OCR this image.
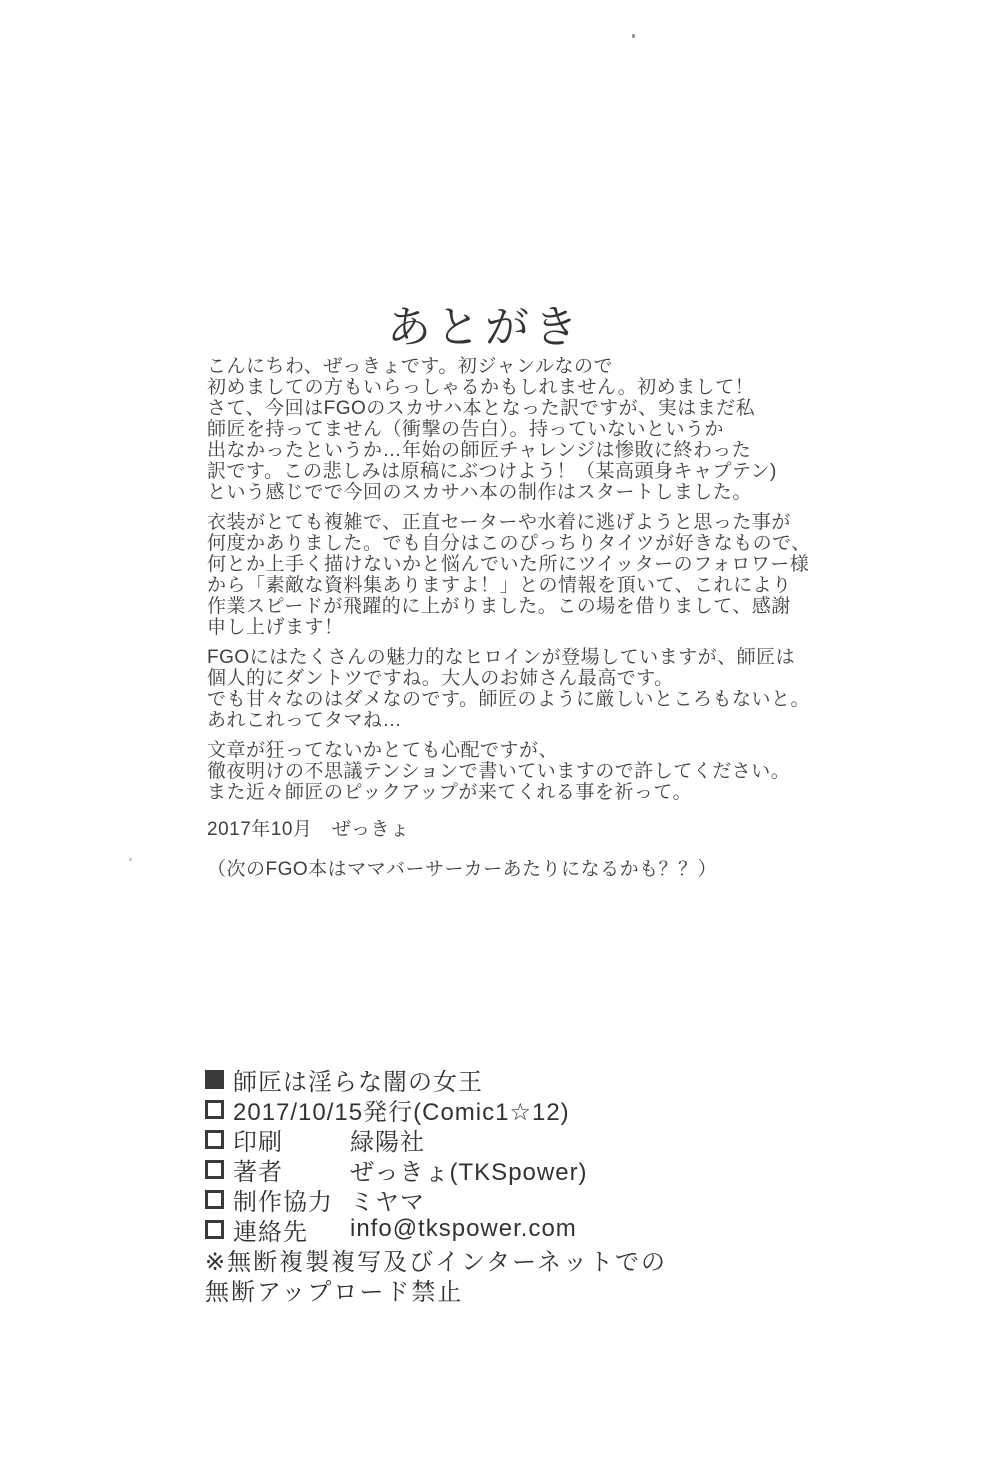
あとがき
こんにちわ、ぜっきょです。初ジャンルなので
初めましての方もいらっしゃるかもしれません。初めまして！
さて、今回はFGOのスカサハ本となった訳ですが、実はまだ私
師匠を持ってません（衝撃の告白）。持っていないというか
出なかったというか…年始の師匠チャレンジは惨敗に終わった
訳です。この悲しみは原稿にぶつけよう！（某高頭身キャプテン)
という感じでで今回のスカサハ本の制作はスタートしました。
衣装がとても複雑で、正直セーターや水着に逃げようと思った事が
何度かありました。でも自分はこのぴっちりタイツが好きなもので、
何とか上手く描けないかと悩んでいた所にツイッターのフォロワー様
から「素敵な資料集ありますよ！」との情報を頂いて、これにより
作業スピードが飛躍的に上がりました。この場を借りまして、感謝
申し上げます！
FGOにはたくさんの魅力的なヒロインが登場していますが、師匠は
個人的にダントツですね。大人のお姉さん最高です。
でも甘々なのはダメなのです。師匠のように厳しいところもないと。
あれこれってタマね…
文章が狂ってないかとても心配ですが、
徹夜明けの不思議テンションで書いていますので許してください。
また近々師匠のピックアップが来てくれる事を祈って。
2017年10月　ぜっきょ
（次のFGO本はママバーサーカーあたりになるかも？？）
師匠は淫らな闇の女王
2017/10/15発行(Comic1☆12)
印刷	緑陽社
著者	ぜっきょ(TKSpower)
制作協力 ミヤマ
連絡先 info@tkspower.com
※無断複製複写及びインターネットでの
無断アップロード禁止
